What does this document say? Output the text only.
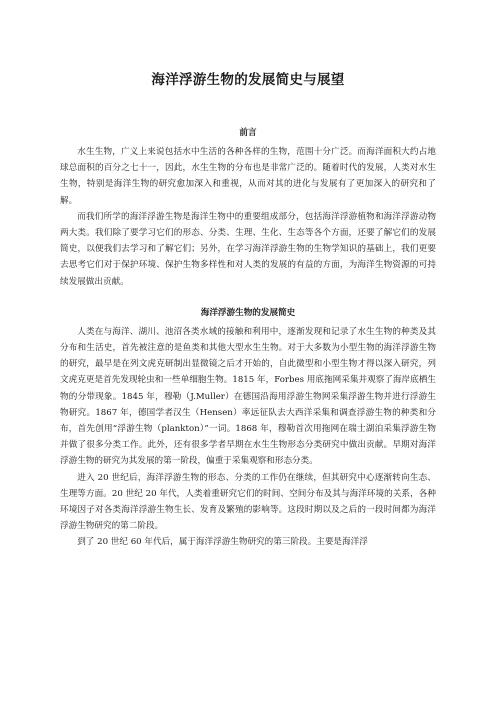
海洋浮游生物的发展简史与展望
前言

水生生物，广义上来说包括水中生活的各种各样的生物，范围十分广泛。而海洋面积大约占地球总面积的百分之七十一，因此，水生生物的分布也是非常广泛的。随着时代的发展，人类对水生生物，特别是海洋生物的研究愈加深入和重视，从而对其的进化与发展有了更加深入的研究和了解。

而我们所学的海洋浮游生物是海洋生物中的重要组成部分，包括海洋浮游植物和海洋浮游动物两大类。我们除了要学习它们的形态、分类、生理、生化、生态等各个方面，还要了解它们的发展简史，以便我们去学习和了解它们；另外，在学习海洋浮游生物的生物学知识的基础上，我们更要去思考它们对于保护环境、保护生物多样性和对人类的发展的有益的方面，为海洋生物资源的可持续发展做出贡献。

海洋浮游生物的发展简史

人类在与海洋、湖川、池沼各类水域的接触和利用中，逐渐发现和记录了水生生物的种类及其分布和生活史，首先被注意的是鱼类和其他大型水生生物。对于大多数为小型生物的海洋浮游生物的研究，最早是在列文虎克研制出显微镜之后才开始的，自此微型和小型生物才得以深入研究，列文虎克更是首先发现轮虫和一些单细胞生物。1815 年，Forbes 用底拖网采集并观察了海岸底栖生物的分带现象。1845 年，穆勒（J.Muller）在德国沿海用浮游生物网采集浮游生物并进行浮游生物研究。1867 年，德国学者汉生（Hensen）率远征队去大西洋采集和调查浮游生物的种类和分布，首先创用“浮游生物（plankton）”一词。1868 年，穆勒首次用拖网在瑞士湖泊采集浮游生物并做了很多分类工作。此外，还有很多学者早期在水生生物形态分类研究中做出贡献。早期对海洋浮游生物的研究为其发展的第一阶段，偏重于采集观察和形态分类。

进入 20 世纪后，海洋浮游生物的形态、分类的工作仍在继续，但其研究中心逐渐转向生态、生理等方面。20 世纪 20 年代，人类着重研究它们的时间、空间分布及其与海洋环境的关系，各种环境因子对各类海洋浮游生物生长、发育及繁殖的影响等。这段时期以及之后的一段时间都为海洋浮游生物研究的第二阶段。

到了 20 世纪 60 年代后，属于海洋浮游生物研究的第三阶段。主要是海洋浮
